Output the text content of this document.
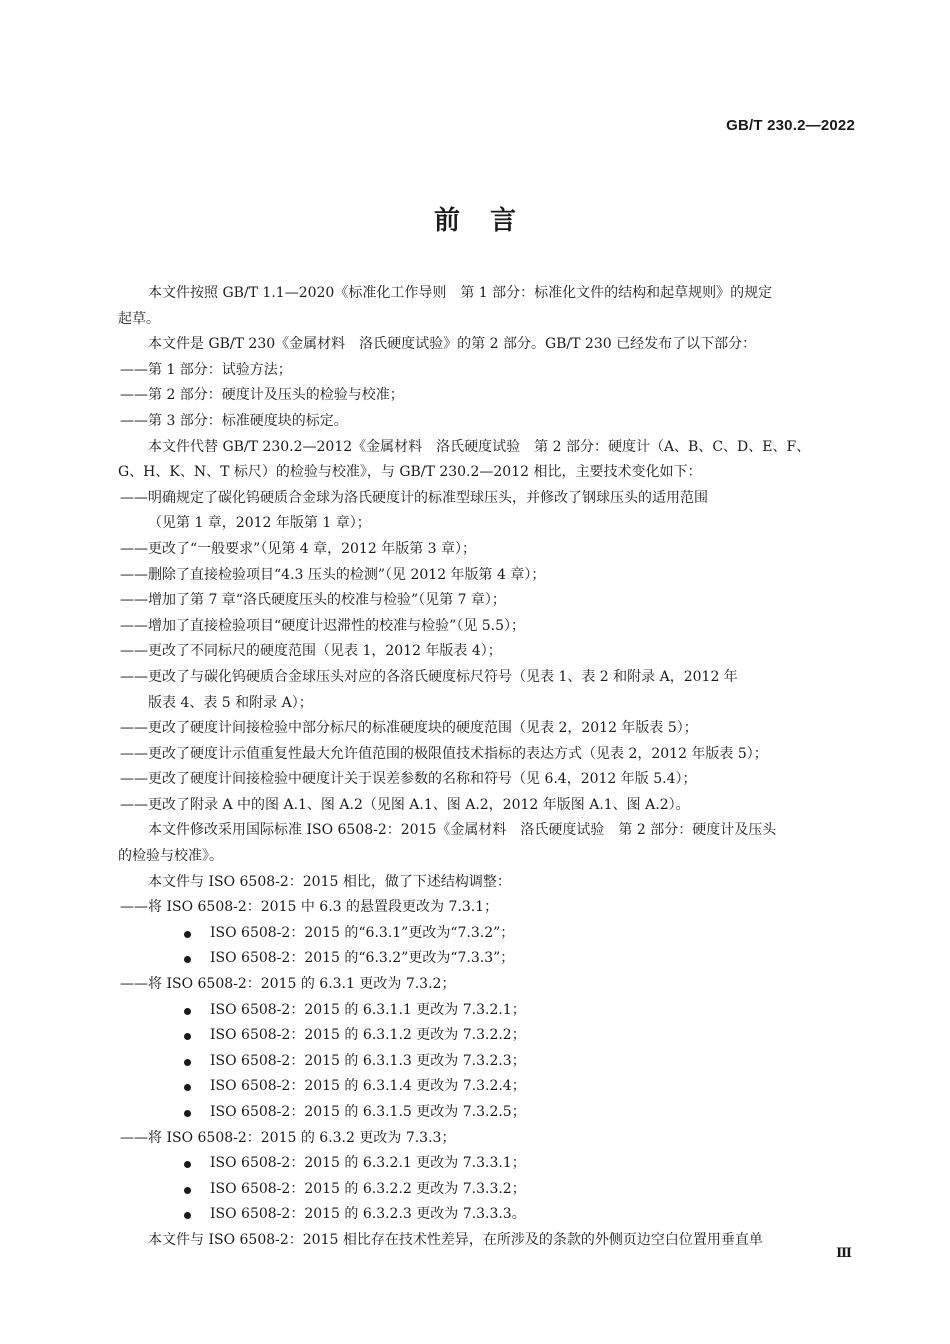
GB/T 230.2—2022
前言
本文件按照 GB/T 1.1—2020《标准化工作导则　第 1 部分：标准化文件的结构和起草规则》的规定
起草。
本文件是 GB/T 230《金属材料　洛氏硬度试验》的第 2 部分。GB/T 230 已经发布了以下部分：
——第 1 部分：试验方法；
——第 2 部分：硬度计及压头的检验与校准；
——第 3 部分：标准硬度块的标定。
本文件代替 GB/T 230.2—2012《金属材料　洛氏硬度试验　第 2 部分：硬度计（A、B、C、D、E、F、
G、H、K、N、T 标尺）的检验与校准》，与 GB/T 230.2—2012 相比，主要技术变化如下：
——明确规定了碳化钨硬质合金球为洛氏硬度计的标准型球压头，并修改了钢球压头的适用范围
（见第 1 章，2012 年版第 1 章）；
——更改了“一般要求”（见第 4 章，2012 年版第 3 章）；
——删除了直接检验项目“4.3 压头的检测”（见 2012 年版第 4 章）；
——增加了第 7 章“洛氏硬度压头的校准与检验”（见第 7 章）；
——增加了直接检验项目“硬度计迟滞性的校准与检验”（见 5.5）；
——更改了不同标尺的硬度范围（见表 1，2012 年版表 4）；
——更改了与碳化钨硬质合金球压头对应的各洛氏硬度标尺符号（见表 1、表 2 和附录 A，2012 年
版表 4、表 5 和附录 A）；
——更改了硬度计间接检验中部分标尺的标准硬度块的硬度范围（见表 2，2012 年版表 5）；
——更改了硬度计示值重复性最大允许值范围的极限值技术指标的表达方式（见表 2，2012 年版表 5）；
——更改了硬度计间接检验中硬度计关于误差参数的名称和符号（见 6.4，2012 年版 5.4）；
——更改了附录 A 中的图 A.1、图 A.2（见图 A.1、图 A.2，2012 年版图 A.1、图 A.2）。
本文件修改采用国际标准 ISO 6508-2：2015《金属材料　洛氏硬度试验　第 2 部分：硬度计及压头
的检验与校准》。
本文件与 ISO 6508-2：2015 相比，做了下述结构调整：
——将 ISO 6508-2：2015 中 6.3 的悬置段更改为 7.3.1；
ISO 6508-2：2015 的“6.3.1”更改为“7.3.2”；
ISO 6508-2：2015 的“6.3.2”更改为“7.3.3”；
——将 ISO 6508-2：2015 的 6.3.1 更改为 7.3.2；
ISO 6508-2：2015 的 6.3.1.1 更改为 7.3.2.1；
ISO 6508-2：2015 的 6.3.1.2 更改为 7.3.2.2；
ISO 6508-2：2015 的 6.3.1.3 更改为 7.3.2.3；
ISO 6508-2：2015 的 6.3.1.4 更改为 7.3.2.4；
ISO 6508-2：2015 的 6.3.1.5 更改为 7.3.2.5；
——将 ISO 6508-2：2015 的 6.3.2 更改为 7.3.3；
ISO 6508-2：2015 的 6.3.2.1 更改为 7.3.3.1；
ISO 6508-2：2015 的 6.3.2.2 更改为 7.3.3.2；
ISO 6508-2：2015 的 6.3.2.3 更改为 7.3.3.3。
本文件与 ISO 6508-2：2015 相比存在技术性差异，在所涉及的条款的外侧页边空白位置用垂直单
Ⅲ
